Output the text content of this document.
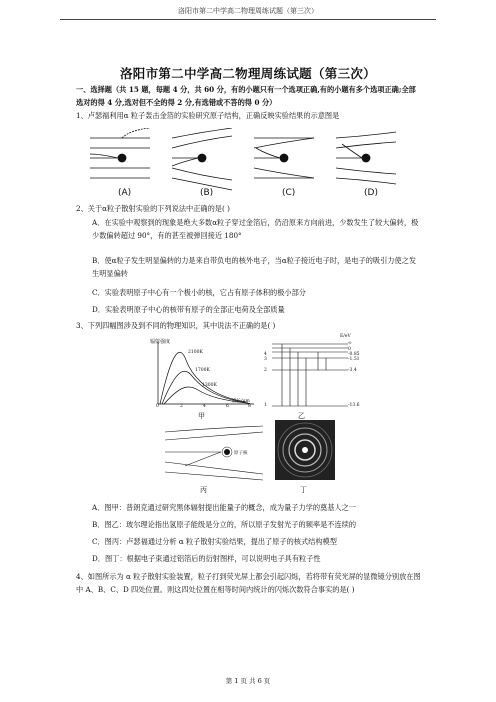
洛阳市第二中学高二物理周练试题（第三次）
洛阳市第二中学高二物理周练试题（第三次）
一、选择题（共 15 题，每题 4 分，共 60 分，有的小题只有一个选项正确,有的小题有多个选项正确;全部选对的得 4 分,选对但不全的得 2 分,有选错或不答的得 0 分）
1、卢瑟福利用α 粒子轰击金箔的实验研究原子结构，正确反映实验结果的示意图是
(A)	(B)	(C)	(D)
2、关于α粒子散射实验的下列说法中正确的是( )
A．在实验中观察到的现象是绝大多数α粒子穿过金箔后，仍沿原来方向前进，少数发生了较大偏转，极少数偏转超过 90°，有的甚至被弹回接近 180°
B．使α粒子发生明显偏转的力是来自带负电的核外电子，当α粒子接近电子时，是电子的吸引力使之发生明显偏转
C．实验表明原子中心有一个极小的核，它占有原子体积的极小部分
D．实验表明原子中心的核带有原子的全部正电荷及全部质量
3、下列四幅图涉及到不同的物理知识，其中说法不正确的是( )
辐射强度
2100K
1700K
1300K
0	2	4	6	8
波长/μm
甲
E/eV
∞
0
-0.85
-1.51
-3.4
-13.6
4
3
2
1
乙
原子核
丙	丁
A．图甲：普朗克通过研究黑体辐射提出能量子的概念，成为量子力学的奠基人之一
B．图乙：玻尔理论指出氢原子能级是分立的，所以原子发射光子的频率是不连续的
C．图丙：卢瑟福通过分析 α 粒子散射实验结果，提出了原子的核式结构模型
D．图丁：根据电子束通过铝箔后的衍射图样，可以说明电子具有粒子性
4、如图所示为 α 粒子散射实验装置，粒子打到荧光屏上都会引起闪烁，若将带有荧光屏的显微镜分别放在图中 A、B、C、D 四处位置。则这四处位置在相等时间内统计的闪烁次数符合事实的是( )
第 1 页 共 6 页
